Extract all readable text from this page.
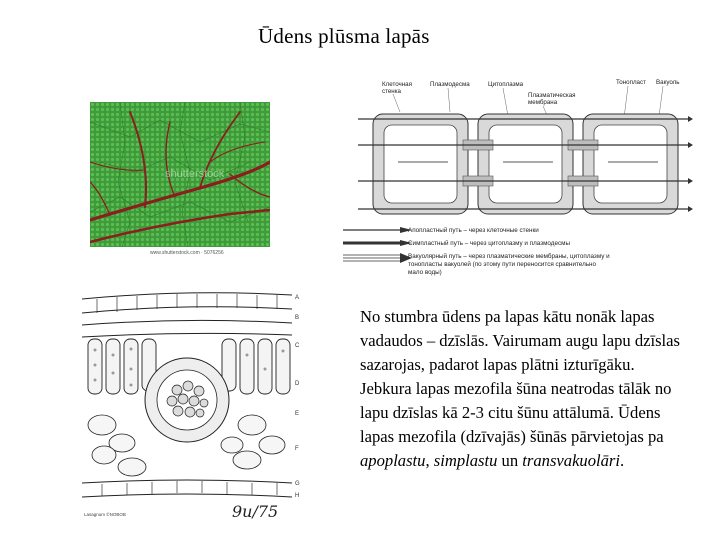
Ūdens plūsma lapās
shutterstock
www.shutterstock.com · 5076256
Клеточная
стенка
Плазмодесма	Цитоплазма
Плазматическая
мембрана
Тонопласт Вакуоль
Апопластный путь – через клеточные стенки
Симпластный путь – через цитоплазму и плазмодесмы
Вакуолярный путь – через плазматические мембраны, цитоплазму и
тонопласты вакуолей (по этому пути переносится сравнительно
мало воды)
A
B
C
D
E
F
G
H
Lasagnum ©NOBOB	9u/75
No stumbra ūdens pa lapas kātu nonāk lapas vadaudos – dzīslās. Vairumam augu lapu dzīslas sazarojas, padarot lapas plātni izturīgāku. Jebkura lapas mezofila šūna neatrodas tālāk no lapu dzīslas kā 2-3 citu šūnu attālumā. Ūdens lapas mezofila (dzīvajās) šūnās pārvietojas pa apoplastu, simplastu un transvakuolāri.
